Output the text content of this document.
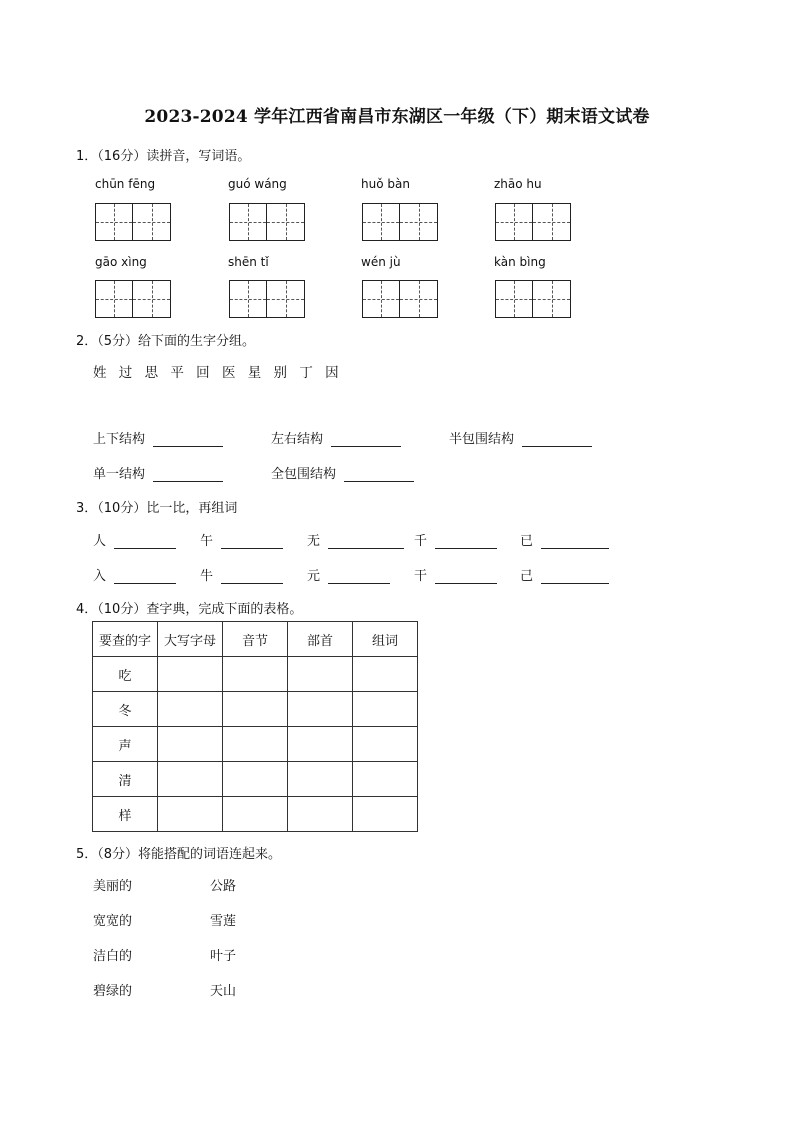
2023-2024 学年江西省南昌市东湖区一年级（下）期末语文试卷
1．（16分）读拼音，写词语。
chūn fēng	guó wáng	huǒ bàn	zhāo hu
gāo xìng	shēn tǐ	wén jù	kàn bìng
2．（5分）给下面的生字分组。
姓 过 思 平 回 医 星 别 丁 因
上下结构	左右结构	半包围结构
单一结构	全包围结构
3．（10分）比一比，再组词
人	午	无	千	已
入	牛	元	干	己
4．（10分）查字典，完成下面的表格。
要查的字	大写字母	音节	部首	组词
吃				
冬				
声				
清				
样				
5．（8分）将能搭配的词语连起来。
美丽的	公路
宽宽的	雪莲
洁白的	叶子
碧绿的	天山
